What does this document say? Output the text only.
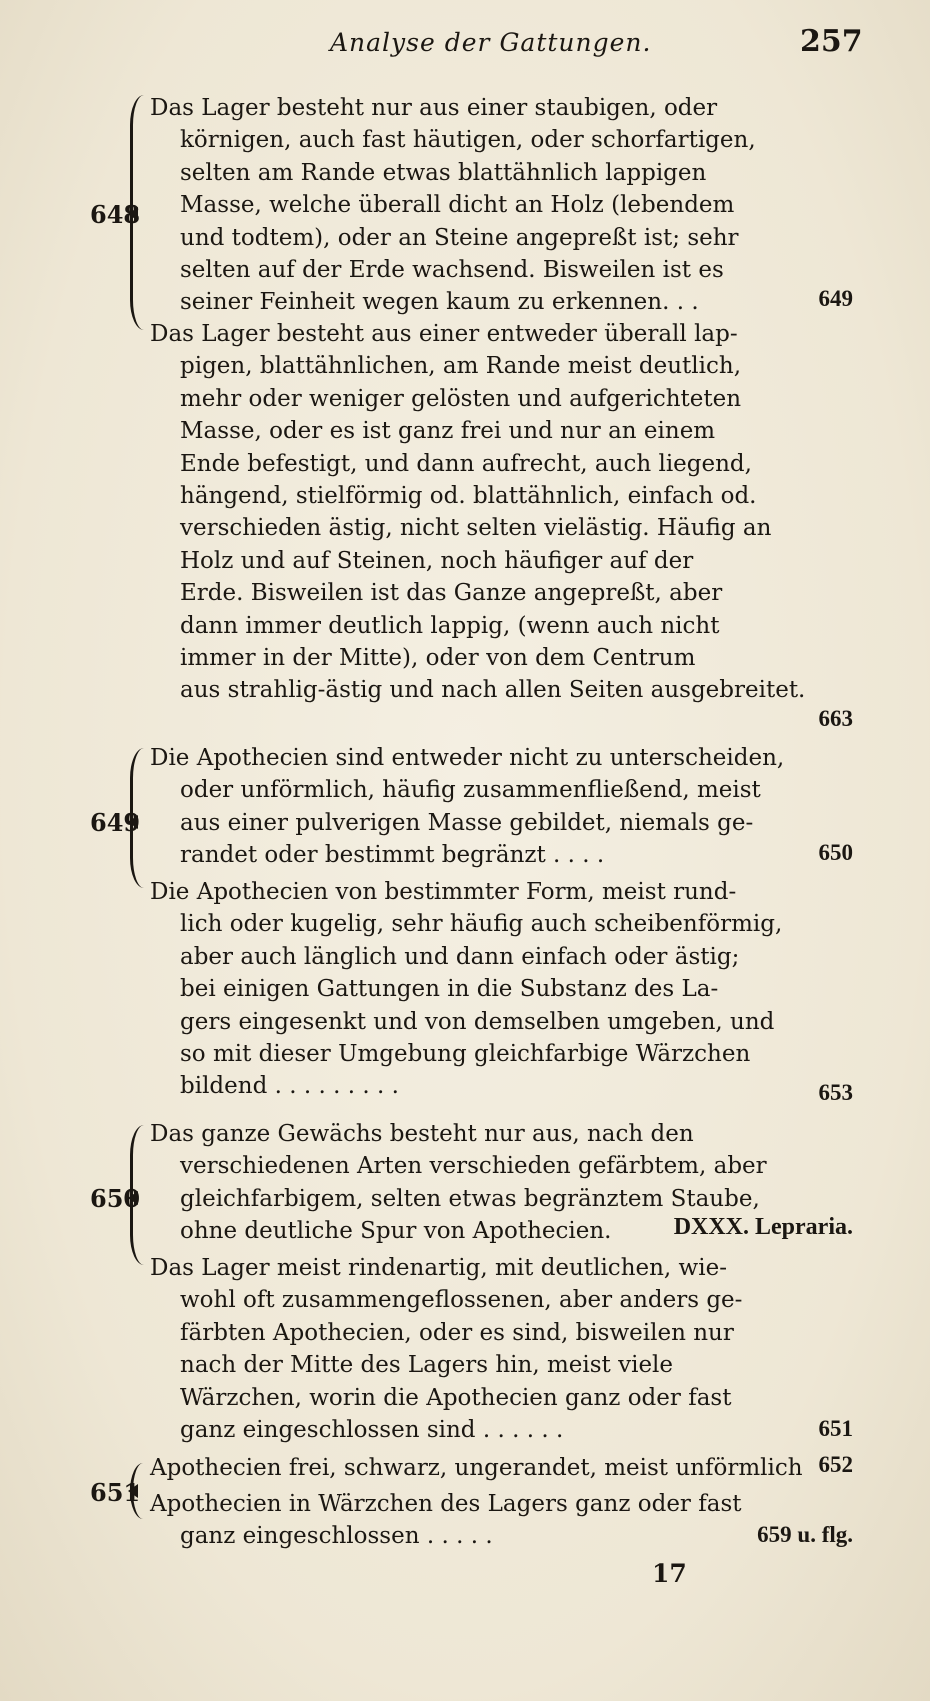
Analyse der Gattungen.	257
648
Das Lager besteht nur aus einer staubigen, oder
körnigen, auch fast häutigen, oder schorfartigen,
selten am Rande etwas blattähnlich lappigen
Masse, welche überall dicht an Holz (lebendem
und todtem), oder an Steine angepreßt ist; sehr
selten auf der Erde wachsend. Bisweilen ist es
seiner Feinheit wegen kaum zu erkennen. . .	649
Das Lager besteht aus einer entweder überall lap-
pigen, blattähnlichen, am Rande meist deutlich,
mehr oder weniger gelösten und aufgerichteten
Masse, oder es ist ganz frei und nur an einem
Ende befestigt, und dann aufrecht, auch liegend,
hängend, stielförmig od. blattähnlich, einfach od.
verschieden ästig, nicht selten vielästig. Häufig an
Holz und auf Steinen, noch häufiger auf der
Erde. Bisweilen ist das Ganze angepreßt, aber
dann immer deutlich lappig, (wenn auch nicht
immer in der Mitte), oder von dem Centrum
aus strahlig-ästig und nach allen Seiten ausgebreitet.
663
649
Die Apothecien sind entweder nicht zu unterscheiden,
oder unförmlich, häufig zusammenfließend, meist
aus einer pulverigen Masse gebildet, niemals ge-
randet oder bestimmt begränzt . . . .	650
Die Apothecien von bestimmter Form, meist rund-
lich oder kugelig, sehr häufig auch scheibenförmig,
aber auch länglich und dann einfach oder ästig;
bei einigen Gattungen in die Substanz des La-
gers eingesenkt und von demselben umgeben, und
so mit dieser Umgebung gleichfarbige Wärzchen
bildend . . . . . . . . .	653
650
Das ganze Gewächs besteht nur aus, nach den
verschiedenen Arten verschieden gefärbtem, aber
gleichfarbigem, selten etwas begränztem Staube,
ohne deutliche Spur von Apothecien.	DXXX. Lepraria.
Das Lager meist rindenartig, mit deutlichen, wie-
wohl oft zusammengeflossenen, aber anders ge-
färbten Apothecien, oder es sind, bisweilen nur
nach der Mitte des Lagers hin, meist viele
Wärzchen, worin die Apothecien ganz oder fast
ganz eingeschlossen sind . . . . . .	651
651
Apothecien frei, schwarz, ungerandet, meist unförmlich 652
Apothecien in Wärzchen des Lagers ganz oder fast
ganz eingeschlossen . . . . .	659 u. flg.
17
